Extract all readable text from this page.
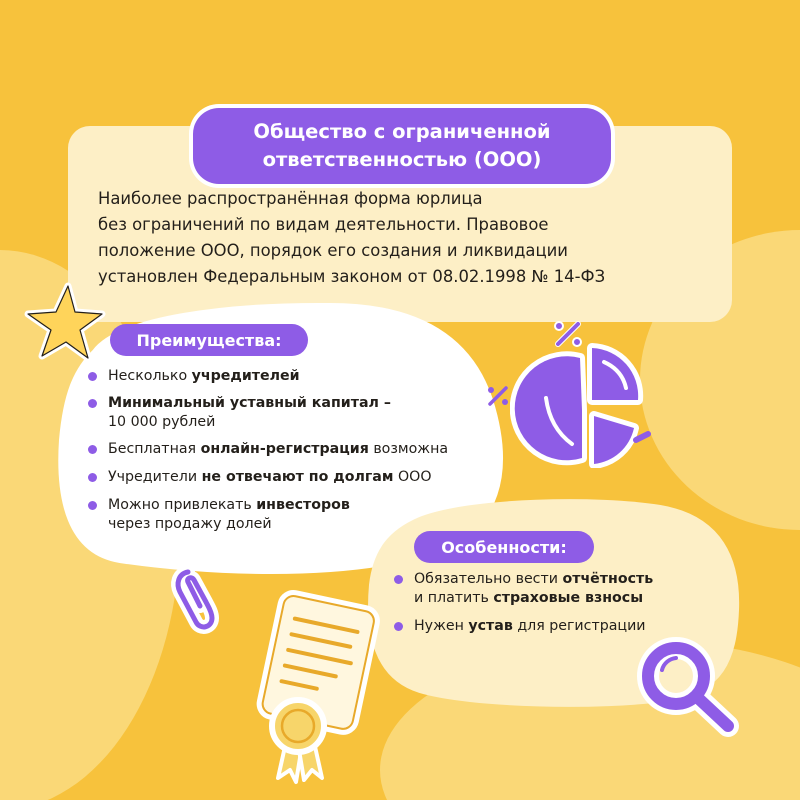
Общество с ограниченной
ответственностью (ООО)
Наиболее распространённая форма юрлица
без ограничений по видам деятельности. Правовое
положение ООО, порядок его создания и ликвидации
установлен Федеральным законом от 08.02.1998 № 14-ФЗ
Преимущества:
Несколько учредителей
Минимальный уставный капитал –
10 000 рублей
Бесплатная онлайн-регистрация возможна
Учредители не отвечают по долгам ООО
Можно привлекать инвесторов
через продажу долей
Особенности:
Обязательно вести отчётность
и платить страховые взносы
Нужен устав для регистрации
